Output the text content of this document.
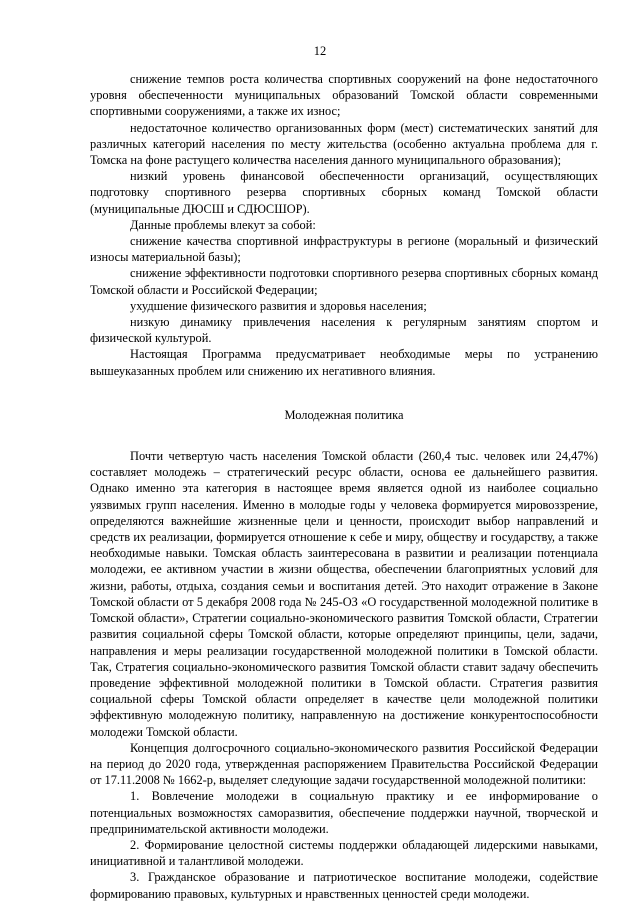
12

снижение темпов роста количества спортивных сооружений на фоне недостаточного уровня обеспеченности муниципальных образований Томской области современными спортивными сооружениями, а также их износ;

недостаточное количество организованных форм (мест) систематических занятий для различных категорий населения по месту жительства (особенно актуальна проблема для г. Томска на фоне растущего количества населения данного муниципального образования);

низкий уровень финансовой обеспеченности организаций, осуществляющих подготовку спортивного резерва спортивных сборных команд Томской области (муниципальные ДЮСШ и СДЮСШОР).

Данные проблемы влекут за собой:

снижение качества спортивной инфраструктуры в регионе (моральный и физический износы материальной базы);

снижение эффективности подготовки спортивного резерва спортивных сборных команд Томской области и Российской Федерации;

ухудшение физического развития и здоровья населения;

низкую динамику привлечения населения к регулярным занятиям спортом и физической культурой.

Настоящая Программа предусматривает необходимые меры по устранению вышеуказанных проблем или снижению их негативного влияния.

Молодежная политика

Почти четвертую часть населения Томской области (260,4 тыс. человек или 24,47%) составляет молодежь – стратегический ресурс области, основа ее дальнейшего развития. Однако именно эта категория в настоящее время является одной из наиболее социально уязвимых групп населения. Именно в молодые годы у человека формируется мировоззрение, определяются важнейшие жизненные цели и ценности, происходит выбор направлений и средств их реализации, формируется отношение к себе и миру, обществу и государству, а также необходимые навыки. Томская область заинтересована в развитии и реализации потенциала молодежи, ее активном участии в жизни общества, обеспечении благоприятных условий для жизни, работы, отдыха, создания семьи и воспитания детей. Это находит отражение в Законе Томской области от 5 декабря 2008 года № 245-ОЗ «О государственной молодежной политике в Томской области», Стратегии социально-экономического развития Томской области, Стратегии развития социальной сферы Томской области, которые определяют принципы, цели, задачи, направления и меры реализации государственной молодежной политики в Томской области. Так, Стратегия социально-экономического развития Томской области ставит задачу обеспечить проведение эффективной молодежной политики в Томской области. Стратегия развития социальной сферы Томской области определяет в качестве цели молодежной политики эффективную молодежную политику, направленную на достижение конкурентоспособности молодежи Томской области.

Концепция долгосрочного социально-экономического развития Российской Федерации на период до 2020 года, утвержденная распоряжением Правительства Российской Федерации от 17.11.2008 № 1662-р, выделяет следующие задачи государственной молодежной политики:

1. Вовлечение молодежи в социальную практику и ее информирование о потенциальных возможностях саморазвития, обеспечение поддержки научной, творческой и предпринимательской активности молодежи.

2. Формирование целостной системы поддержки обладающей лидерскими навыками, инициативной и талантливой молодежи.

3. Гражданское образование и патриотическое воспитание молодежи, содействие формированию правовых, культурных и нравственных ценностей среди молодежи.
